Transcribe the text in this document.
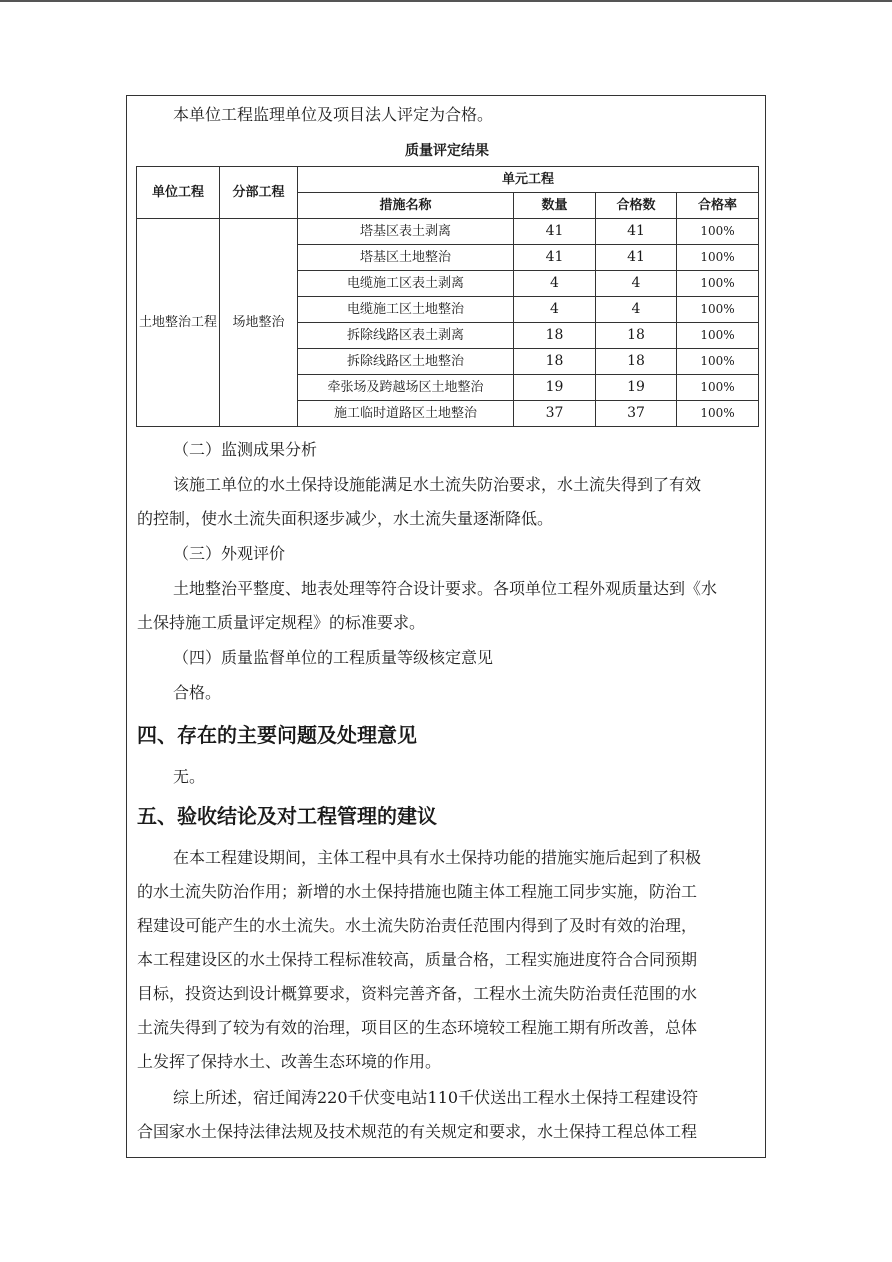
本单位工程监理单位及项目法人评定为合格。
质量评定结果
单位工程	分部工程	单元工程			
		措施名称	数量	合格数	合格率
土地整治工程	场地整治	塔基区表土剥离	41	41	100%
		塔基区土地整治	41	41	100%
		电缆施工区表土剥离	4	4	100%
		电缆施工区土地整治	4	4	100%
		拆除线路区表土剥离	18	18	100%
		拆除线路区土地整治	18	18	100%
		牵张场及跨越场区土地整治	19	19	100%
		施工临时道路区土地整治	37	37	100%
（二）监测成果分析
该施工单位的水土保持设施能满足水土流失防治要求，水土流失得到了有效
的控制，使水土流失面积逐步减少，水土流失量逐渐降低。
（三）外观评价
土地整治平整度、地表处理等符合设计要求。各项单位工程外观质量达到《水
土保持施工质量评定规程》的标准要求。
（四）质量监督单位的工程质量等级核定意见
合格。
四、存在的主要问题及处理意见
无。
五、验收结论及对工程管理的建议
在本工程建设期间，主体工程中具有水土保持功能的措施实施后起到了积极
的水土流失防治作用；新增的水土保持措施也随主体工程施工同步实施，防治工
程建设可能产生的水土流失。水土流失防治责任范围内得到了及时有效的治理，
本工程建设区的水土保持工程标准较高，质量合格，工程实施进度符合合同预期
目标，投资达到设计概算要求，资料完善齐备，工程水土流失防治责任范围的水
土流失得到了较为有效的治理，项目区的生态环境较工程施工期有所改善，总体
上发挥了保持水土、改善生态环境的作用。
综上所述，宿迁闻涛220千伏变电站110千伏送出工程水土保持工程建设符
合国家水土保持法律法规及技术规范的有关规定和要求，水土保持工程总体工程
